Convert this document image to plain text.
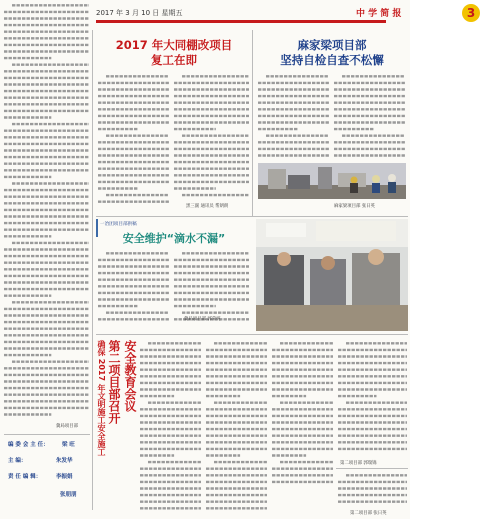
2017 年 3 月 10 日 星期五	中 学 简 报	3
冀局项目部
编 委 会 主 任： 梁 旺
主 编：	朱发华
责 任 编 辑：	李振娟
张朋朋
2017 年大同棚改项目
复工在即
黑三副 通讯员 帮朗朗
麻家梁项目部
坚持自检自查不松懈
麻家梁项目部 张日英
一冶团项目部供稿
安全维护“滴水不漏”
冀局项目部 郭荣纯
第二项目部召开 安全教育会议
确保 2017 年文明施工安全施工
第二项目部 郭瑞锦
第二项目部 张日英
